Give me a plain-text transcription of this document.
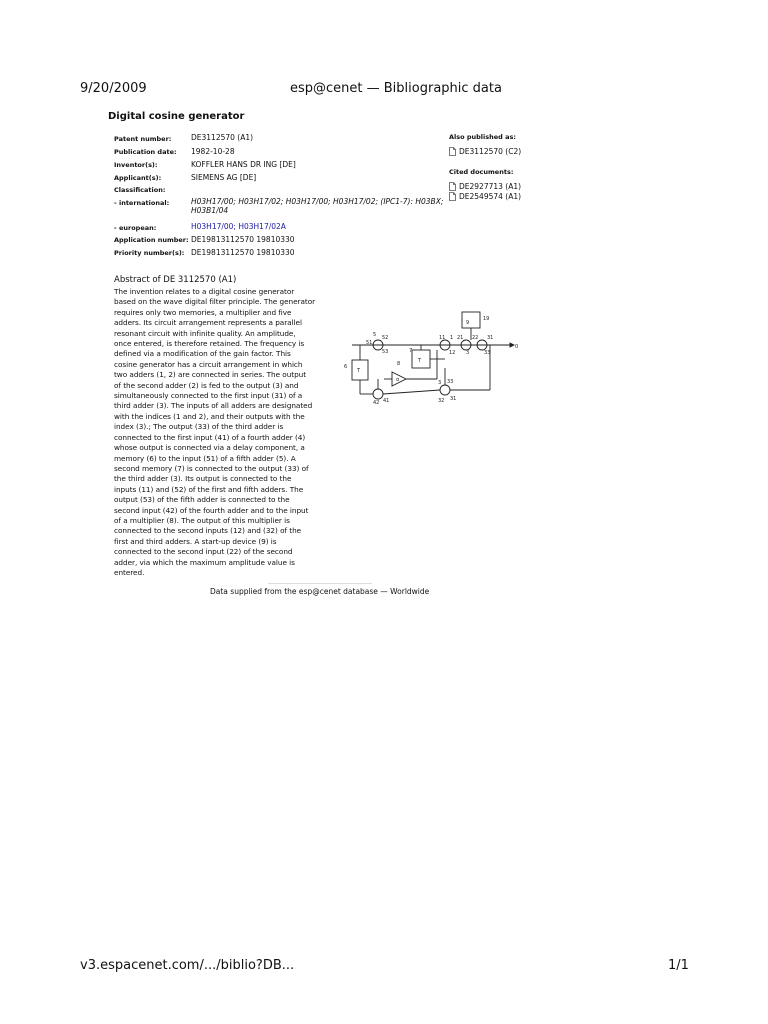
9/20/2009	esp@cenet — Bibliographic data
Digital cosine generator
Patent number:	DE3112570 (A1)
Publication date: 1982-10-28
Inventor(s):	KOFFLER HANS DR ING [DE]
Applicant(s):	SIEMENS AG [DE]
Classification:
- international:	H03H17/00; H03H17/02; H03H17/00; H03H17/02; (IPC1-7): H03BX; H03B1/04
- european:	H03H17/00; H03H17/02A
Application number: DE19813112570 19810330
Priority number(s): DE19813112570 19810330
Also published as:
DE3112570 (C2)
Cited documents:
DE2927713 (A1)
DE2549574 (A1)
Abstract of DE 3112570 (A1)
The invention relates to a digital cosine generator
based on the wave digital filter principle. The generator
requires only two memories, a multiplier and five
adders. Its circuit arrangement represents a parallel
resonant circuit with infinite quality. An amplitude,
once entered, is therefore retained. The frequency is
defined via a modification of the gain factor. This
cosine generator has a circuit arrangement in which
two adders (1, 2) are connected in series. The output
of the second adder (2) is fed to the output (3) and
simultaneously connected to the first input (31) of a
third adder (3). The inputs of all adders are designated
with the indices (1 and 2), and their outputs with the
index (3).; The output (33) of the third adder is
connected to the first input (41) of a fourth adder (4)
whose output is connected via a delay component, a
memory (6) to the input (51) of a fifth adder (5). A
second memory (7) is connected to the output (33) of
the third adder (3). Its output is connected to the
inputs (11) and (52) of the first and fifth adders. The
output (53) of the fifth adder is connected to the
second input (42) of the fourth adder and to the input
of a multiplier (8). The output of this multiplier is
connected to the second inputs (12) and (32) of the
first and third adders. A start-up device (9) is
connected to the second input (22) of the second
adder, via which the maximum amplitude value is
entered.
5 52
51
53
11 1 21 22 31
33
12 3
6
T
T
7
8
α
42 41	32 31
3 33
9
19
0
Data supplied from the esp@cenet database — Worldwide
v3.espacenet.com/.../biblio?DB...	1/1
